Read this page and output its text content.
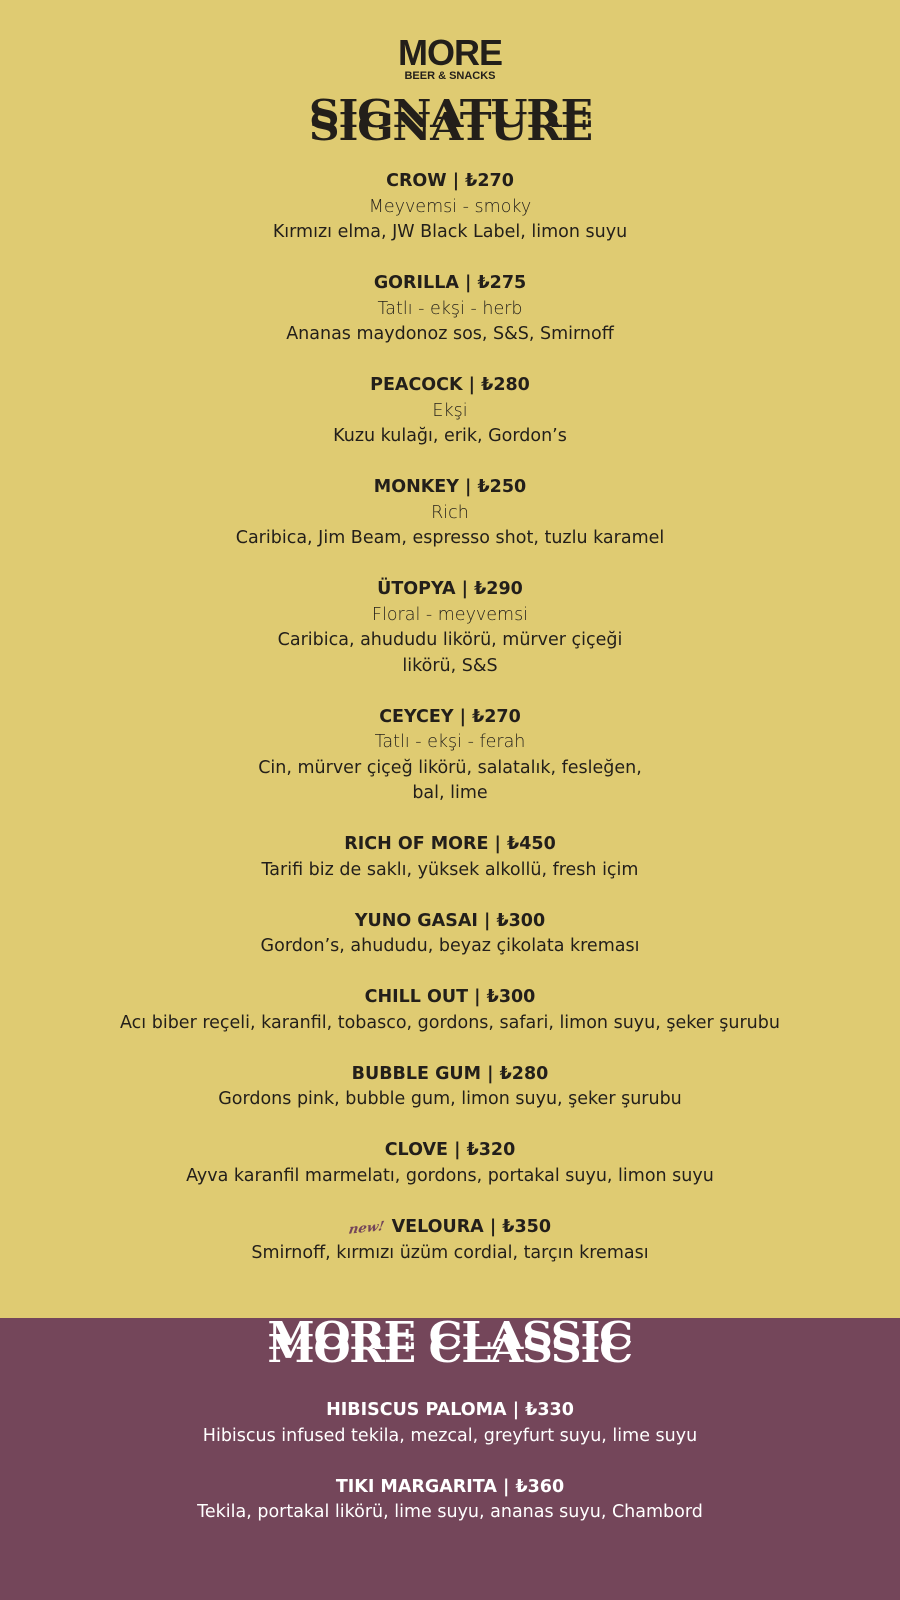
MORE
BEER & SNACKS
SIGNATURE
CROW | ₺270
Meyvemsi - smoky
Kırmızı elma, JW Black Label, limon suyu
GORILLA | ₺275
Tatlı - ekşi - herb
Ananas maydonoz sos, S&S, Smirnoff
PEACOCK | ₺280
Ekşi
Kuzu kulağı, erik, Gordon’s
MONKEY | ₺250
Rich
Caribica, Jim Beam, espresso shot, tuzlu karamel
ÜTOPYA | ₺290
Floral - meyvemsi
Caribica, ahududu likörü, mürver çiçeği
likörü, S&S
CEYCEY | ₺270
Tatlı - ekşi - ferah
Cin, mürver çiçeğ likörü, salatalık, fesleğen,
bal, lime
RICH OF MORE | ₺450
Tarifi biz de saklı, yüksek alkollü, fresh içim
YUNO GASAI | ₺300
Gordon’s, ahududu, beyaz çikolata kreması
CHILL OUT | ₺300
Acı biber reçeli, karanfil, tobasco, gordons, safari, limon suyu, şeker şurubu
BUBBLE GUM | ₺280
Gordons pink, bubble gum, limon suyu, şeker şurubu
CLOVE | ₺320
Ayva karanfil marmelatı, gordons, portakal suyu, limon suyu
new! VELOURA | ₺350
Smirnoff, kırmızı üzüm cordial, tarçın kreması
MORE CLASSIC
HIBISCUS PALOMA | ₺330
Hibiscus infused tekila, mezcal, greyfurt suyu, lime suyu
TIKI MARGARITA | ₺360
Tekila, portakal likörü, lime suyu, ananas suyu, Chambord
